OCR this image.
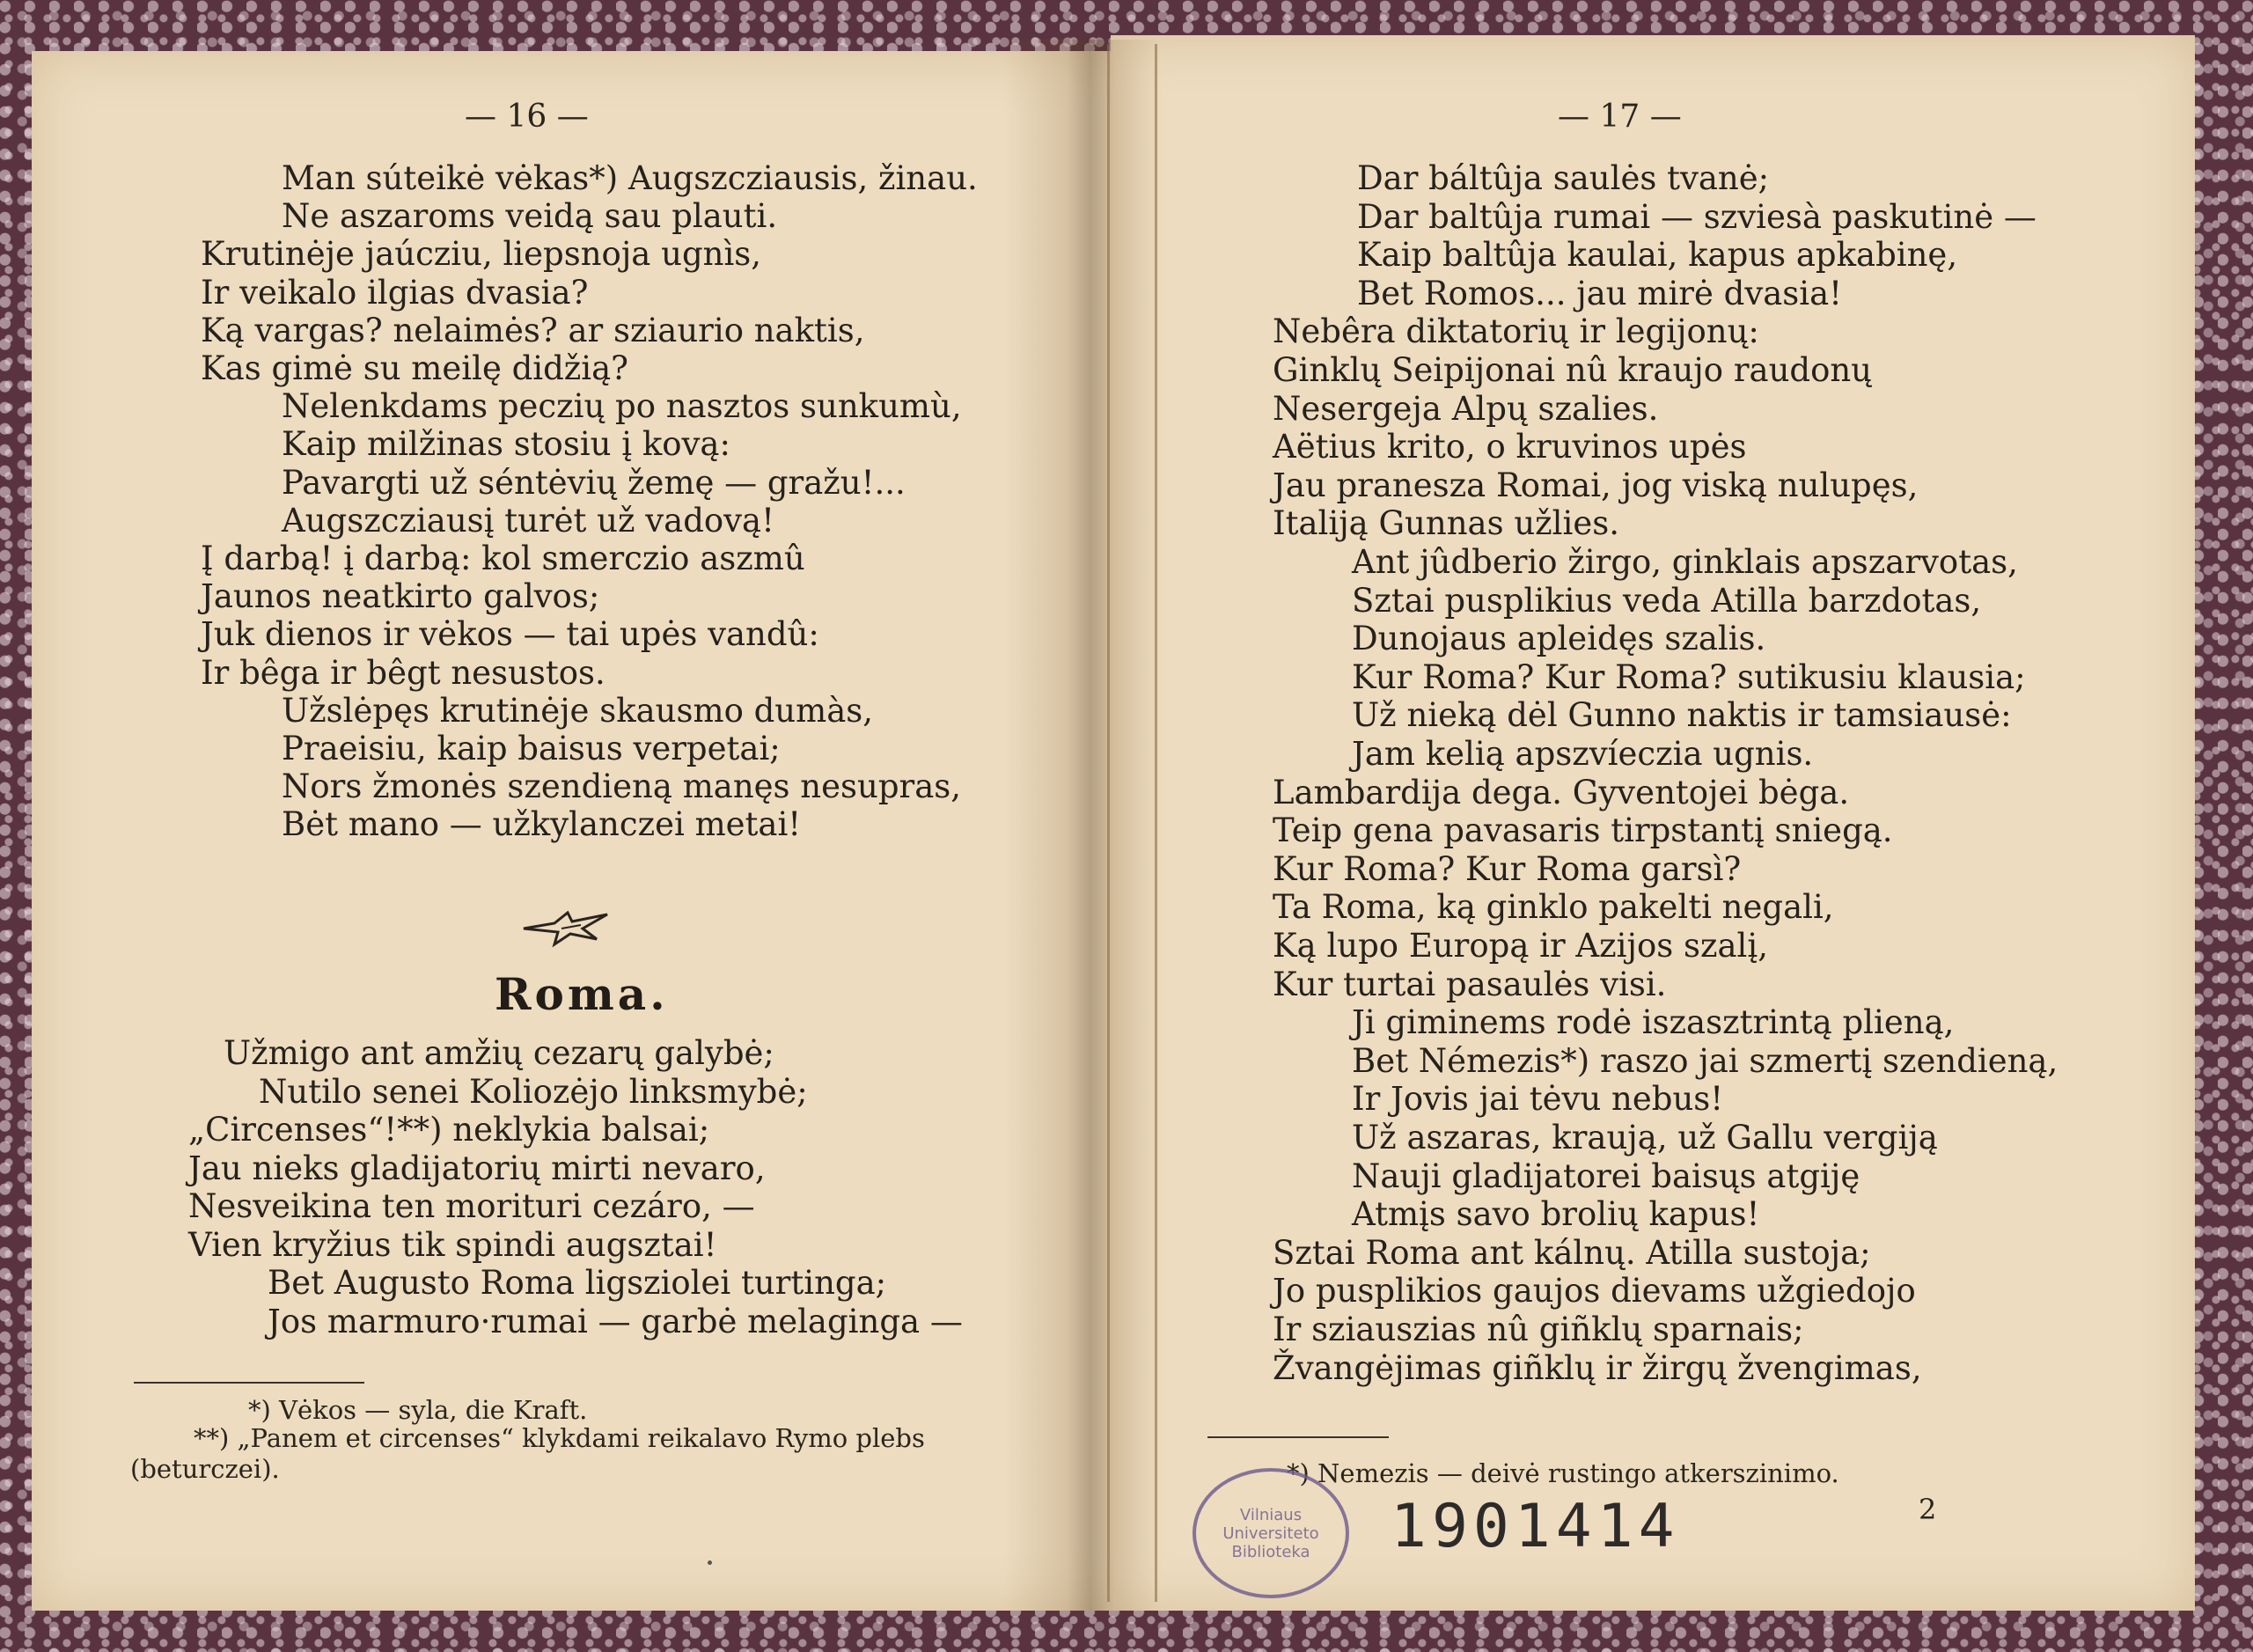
— 16 —
Man súteikė vėkas*) Augszcziausis, žinau.
Ne aszaroms veidą sau plauti.
Krutinėje jaúcziu, liepsnoja ugnìs,
Ir veikalo ilgias dvasia?
Ką vargas? nelaimės? ar sziaurio naktis,
Kas gimė su meilę didžią?
Nelenkdams peczių po nasztos sunkumù,
Kaip milžinas stosiu į kovą:
Pavargti už séntėvių žemę — gražu!...
Augszcziausį turėt už vadovą!
Į darbą! į darbą: kol smerczio aszmû
Jaunos neatkirto galvos;
Juk dienos ir vėkos — tai upės vandû:
Ir bêga ir bêgt nesustos.
Užslėpęs krutinėje skausmo dumàs,
Praeisiu, kaip baisus verpetai;
Nors žmonės szendieną manęs nesupras,
Bėt mano — užkylanczei metai!
Roma.
Užmigo ant amžių cezarų galybė;
Nutilo senei Koliozėjo linksmybė;
„Circenses“!**) neklykia balsai;
Jau nieks gladijatorių mirti nevaro,
Nesveikina ten morituri cezáro, —
Vien kryžius tik spindi augsztai!
Bet Augusto Roma ligsziolei turtinga;
Jos marmuro·rumai — garbė melaginga —
*) Vėkos — syla, die Kraft.
**) „Panem et circenses“ klykdami reikalavo Rymo plebs
(beturczei).
— 17 —
Dar báltûja saulės tvanė;
Dar baltûja rumai — szviesà paskutinė —
Kaip baltûja kaulai, kapus apkabinę,
Bet Romos... jau mirė dvasia!
Nebêra diktatorių ir legijonų:
Ginklų Seipijonai nû kraujo raudonų
Nesergeja Alpų szalies.
Aëtius krito, o kruvinos upės
Jau pranesza Romai, jog viską nulupęs,
Italiją Gunnas užlies.
Ant jûdberio žirgo, ginklais apszarvotas,
Sztai pusplikius veda Atilla barzdotas,
Dunojaus apleidęs szalis.
Kur Roma? Kur Roma? sutikusiu klausia;
Už nieką dėl Gunno naktis ir tamsiausė:
Jam kelią apszvíeczia ugnis.
Lambardija dega. Gyventojei bėga.
Teip gena pavasaris tirpstantį sniegą.
Kur Roma? Kur Roma garsì?
Ta Roma, ką ginklo pakelti negali,
Ką lupo Europą ir Azijos szalį,
Kur turtai pasaulės visi.
Ji giminems rodė iszasztrintą plieną,
Bet Némezis*) raszo jai szmertį szendieną,
Ir Jovis jai tėvu nebus!
Už aszaras, kraują, už Gallu vergiją
Nauji gladijatorei baisųs atgiję
Atmįs savo brolių kapus!
Sztai Roma ant kálnų. Atilla sustoja;
Jo pusplikios gaujos dievams užgiedojo
Ir sziauszias nû giñklų sparnais;
Žvangėjimas giñklų ir žirgų žvengimas,
*) Nemezis — deivė rustingo atkerszinimo.
Vilniaus
Universiteto
Biblioteka	1901414	2
